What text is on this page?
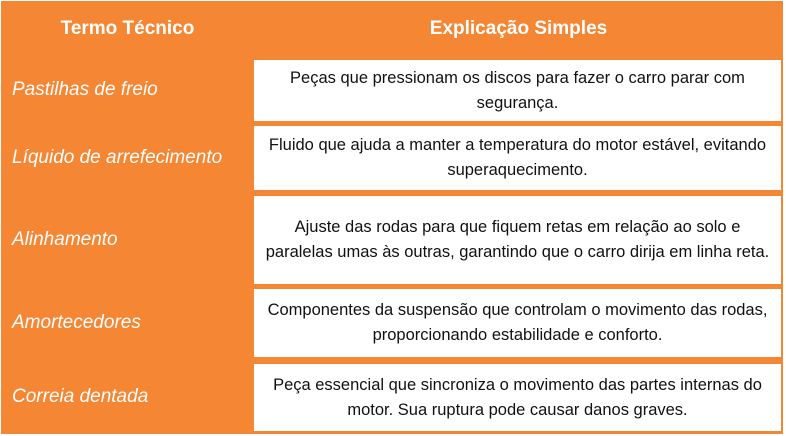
Termo Técnico	Explicação Simples
Pastilhas de freio
Peças que pressionam os discos para fazer o carro parar com segurança.
Líquido de arrefecimento
Fluido que ajuda a manter a temperatura do motor estável, evitando superaquecimento.
Alinhamento
Ajuste das rodas para que fiquem retas em relação ao solo e paralelas umas às outras, garantindo que o carro dirija em linha reta.
Amortecedores
Componentes da suspensão que controlam o movimento das rodas, proporcionando estabilidade e conforto.
Correia dentada
Peça essencial que sincroniza o movimento das partes internas do motor. Sua ruptura pode causar danos graves.
